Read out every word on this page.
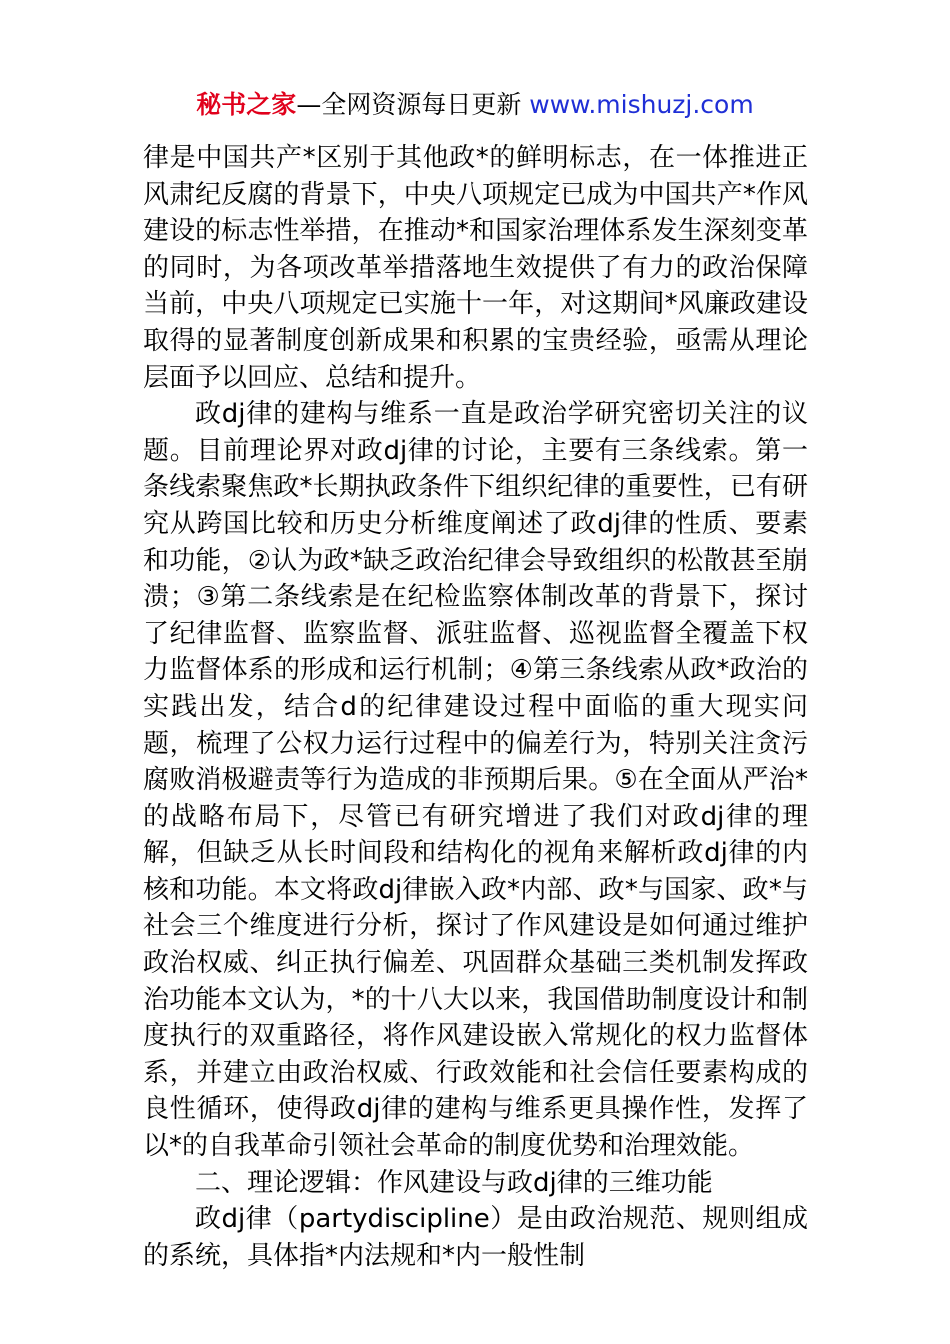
秘书之家—全网资源每日更新 www.mishuzj.com

律是中国共产*区别于其他政*的鲜明标志，在一体推进正风肃纪反腐的背景下，中央八项规定已成为中国共产*作风建设的标志性举措，在推动*和国家治理体系发生深刻变革的同时，为各项改革举措落地生效提供了有力的政治保障当前，中央八项规定已实施十一年，对这期间*风廉政建设取得的显著制度创新成果和积累的宝贵经验，亟需从理论层面予以回应、总结和提升。

政dj律的建构与维系一直是政治学研究密切关注的议题。目前理论界对政dj律的讨论，主要有三条线索。第一条线索聚焦政*长期执政条件下组织纪律的重要性，已有研究从跨国比较和历史分析维度阐述了政dj律的性质、要素和功能，②认为政*缺乏政治纪律会导致组织的松散甚至崩溃；③第二条线索是在纪检监察体制改革的背景下，探讨了纪律监督、监察监督、派驻监督、巡视监督全覆盖下权力监督体系的形成和运行机制；④第三条线索从政*政治的实践出发，结合d的纪律建设过程中面临的重大现实问题，梳理了公权力运行过程中的偏差行为，特别关注贪污腐败消极避责等行为造成的非预期后果。⑤在全面从严治*的战略布局下，尽管已有研究增进了我们对政dj律的理解，但缺乏从长时间段和结构化的视角来解析政dj律的内核和功能。本文将政dj律嵌入政*内部、政*与国家、政*与社会三个维度进行分析，探讨了作风建设是如何通过维护政治权威、纠正执行偏差、巩固群众基础三类机制发挥政治功能本文认为，*的十八大以来，我国借助制度设计和制度执行的双重路径，将作风建设嵌入常规化的权力监督体系，并建立由政治权威、行政效能和社会信任要素构成的良性循环，使得政dj律的建构与维系更具操作性，发挥了以*的自我革命引领社会革命的制度优势和治理效能。

二、理论逻辑：作风建设与政dj律的三维功能

政dj律（partydiscipline）是由政治规范、规则组成的系统，具体指*内法规和*内一般性制
